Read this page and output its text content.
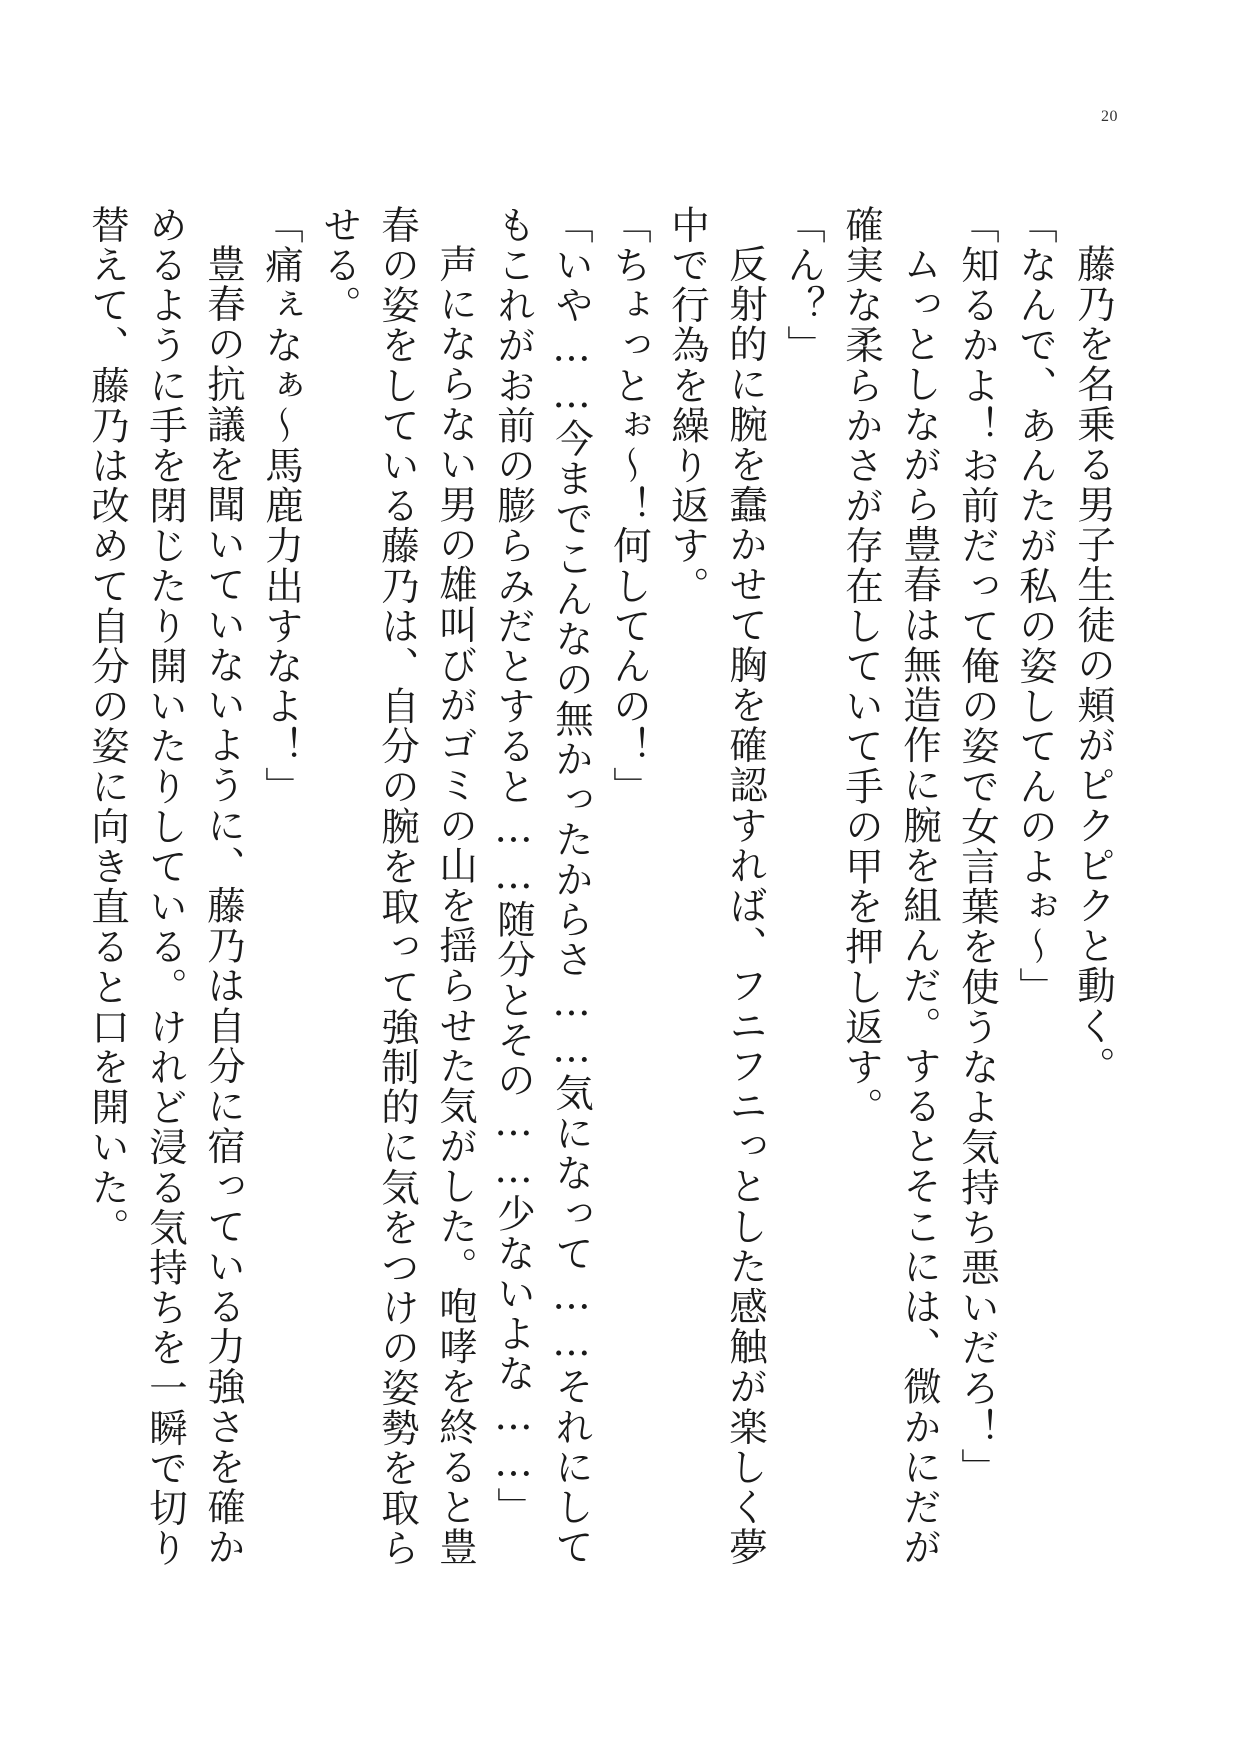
20

藤乃を名乗る男子生徒の頬がピクピクと動く。

「なんで、あんたが私の姿してんのよぉ～」

「知るかよ！お前だって俺の姿で女言葉を使うなよ気持ち悪いだろ！」

ムっとしながら豊春は無造作に腕を組んだ。するとそこには、微かにだが確実な柔らかさが存在していて手の甲を押し返す。

「ん？」

反射的に腕を蠢かせて胸を確認すれば、フニフニっとした感触が楽しく夢中で行為を繰り返す。

「ちょっとぉ～！何してんの！」

「いや……今までこんなの無かったからさ……気になって……それにしてもこれがお前の膨らみだとすると……随分とその……少ないよな……」

声にならない男の雄叫びがゴミの山を揺らせた気がした。咆哮を終ると豊春の姿をしている藤乃は、自分の腕を取って強制的に気をつけの姿勢を取らせる。

「痛ぇなぁ～馬鹿力出すなよ！」

豊春の抗議を聞いていないように、藤乃は自分に宿っている力強さを確かめるように手を閉じたり開いたりしている。けれど浸る気持ちを一瞬で切り替えて、藤乃は改めて自分の姿に向き直ると口を開いた。
